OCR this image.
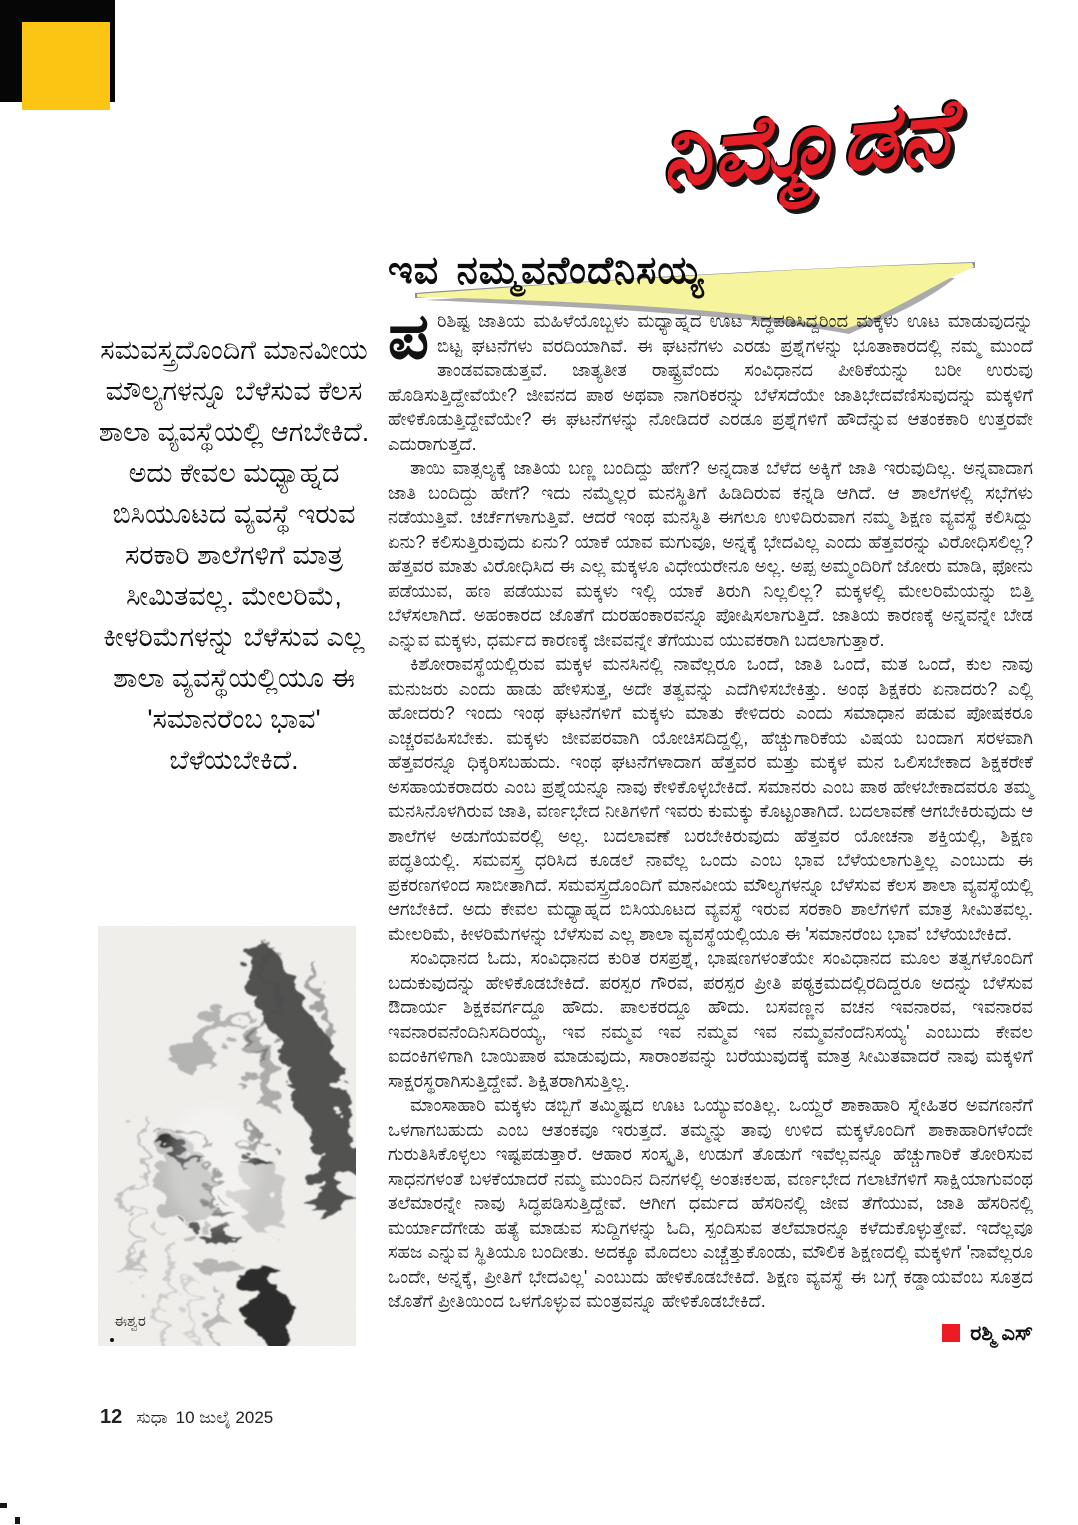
ನಿಮ್ಮೊಡನೆ
ಸಮವಸ್ತ್ರದೊಂದಿಗೆ ಮಾನವೀಯ ಮೌಲ್ಯಗಳನ್ನೂ ಬೆಳೆಸುವ ಕೆಲಸ ಶಾಲಾ ವ್ಯವಸ್ಥೆಯಲ್ಲಿ ಆಗಬೇಕಿದೆ. ಅದು ಕೇವಲ ಮಧ್ಯಾಹ್ನದ ಬಿಸಿಯೂಟದ ವ್ಯವಸ್ಥೆ ಇರುವ ಸರಕಾರಿ ಶಾಲೆಗಳಿಗೆ ಮಾತ್ರ ಸೀಮಿತವಲ್ಲ. ಮೇಲರಿಮೆ, ಕೀಳರಿಮೆಗಳನ್ನು ಬೆಳೆಸುವ ಎಲ್ಲ ಶಾಲಾ ವ್ಯವಸ್ಥೆಯಲ್ಲಿಯೂ ಈ 'ಸಮಾನರೆಂಬ ಭಾವ' ಬೆಳೆಯಬೇಕಿದೆ.
ಈಶ್ವರ
ಇವ ನಮ್ಮವನೆಂದೆನಿಸಯ್ಯ

ಪರಿಶಿಷ್ಟ ಜಾತಿಯ ಮಹಿಳೆಯೊಬ್ಬಳು ಮಧ್ಯಾಹ್ನದ ಊಟ ಸಿದ್ಧಪಡಿಸಿದ್ದರಿಂದ ಮಕ್ಕಳು ಊಟ ಮಾಡುವುದನ್ನು ಬಿಟ್ಟ ಘಟನೆಗಳು ವರದಿಯಾಗಿವೆ. ಈ ಘಟನೆಗಳು ಎರಡು ಪ್ರಶ್ನೆಗಳನ್ನು ಭೂತಾಕಾರದಲ್ಲಿ ನಮ್ಮ ಮುಂದೆ ತಾಂಡವವಾಡುತ್ತವೆ. ಜಾತ್ಯತೀತ ರಾಷ್ಟ್ರವೆಂದು ಸಂವಿಧಾನದ ಪೀಠಿಕೆಯನ್ನು ಬರೀ ಉರುವು ಹೊಡಿಸುತ್ತಿದ್ದೇವೆಯೇ? ಜೀವನದ ಪಾಠ ಅಥವಾ ನಾಗರಿಕರನ್ನು ಬೆಳೆಸದೆಯೇ ಜಾತಿಭೇದವೆಣಿಸುವುದನ್ನು ಮಕ್ಕಳಿಗೆ ಹೇಳಿಕೊಡುತ್ತಿದ್ದೇವೆಯೇ? ಈ ಘಟನೆಗಳನ್ನು ನೋಡಿದರೆ ಎರಡೂ ಪ್ರಶ್ನೆಗಳಿಗೆ ಹೌದೆನ್ನುವ ಆತಂಕಕಾರಿ ಉತ್ತರವೇ ಎದುರಾಗುತ್ತದೆ.

ತಾಯಿ ವಾತ್ಸಲ್ಯಕ್ಕೆ ಜಾತಿಯ ಬಣ್ಣ ಬಂದಿದ್ದು ಹೇಗೆ? ಅನ್ನದಾತ ಬೆಳೆದ ಅಕ್ಕಿಗೆ ಜಾತಿ ಇರುವುದಿಲ್ಲ. ಅನ್ನವಾದಾಗ ಜಾತಿ ಬಂದಿದ್ದು ಹೇಗೆ? ಇದು ನಮ್ಮೆಲ್ಲರ ಮನಸ್ಥಿತಿಗೆ ಹಿಡಿದಿರುವ ಕನ್ನಡಿ ಆಗಿದೆ. ಆ ಶಾಲೆಗಳಲ್ಲಿ ಸಭೆಗಳು ನಡೆಯುತ್ತಿವೆ. ಚರ್ಚೆಗಳಾಗುತ್ತಿವೆ. ಆದರೆ ಇಂಥ ಮನಸ್ಥಿತಿ ಈಗಲೂ ಉಳಿದಿರುವಾಗ ನಮ್ಮ ಶಿಕ್ಷಣ ವ್ಯವಸ್ಥೆ ಕಲಿಸಿದ್ದು ಏನು? ಕಲಿಸುತ್ತಿರುವುದು ಏನು? ಯಾಕೆ ಯಾವ ಮಗುವೂ, ಅನ್ನಕ್ಕೆ ಭೇದವಿಲ್ಲ ಎಂದು ಹೆತ್ತವರನ್ನು ವಿರೋಧಿಸಲಿಲ್ಲ? ಹೆತ್ತವರ ಮಾತು ವಿರೋಧಿಸಿದ ಈ ಎಲ್ಲ ಮಕ್ಕಳೂ ವಿಧೇಯರೇನೂ ಅಲ್ಲ. ಅಪ್ಪ ಅಮ್ಮಂದಿರಿಗೆ ಜೋರು ಮಾಡಿ, ಫೋನು ಪಡೆಯುವ, ಹಣ ಪಡೆಯುವ ಮಕ್ಕಳು ಇಲ್ಲಿ ಯಾಕೆ ತಿರುಗಿ ನಿಲ್ಲಲಿಲ್ಲ? ಮಕ್ಕಳಲ್ಲಿ ಮೇಲರಿಮೆಯನ್ನು ಬಿತ್ತಿ ಬೆಳೆಸಲಾಗಿದೆ. ಅಹಂಕಾರದ ಜೊತೆಗೆ ದುರಹಂಕಾರವನ್ನೂ ಪೋಷಿಸಲಾಗುತ್ತಿದೆ. ಜಾತಿಯ ಕಾರಣಕ್ಕೆ ಅನ್ನವನ್ನೇ ಬೇಡ ಎನ್ನುವ ಮಕ್ಕಳು, ಧರ್ಮದ ಕಾರಣಕ್ಕೆ ಜೀವವನ್ನೇ ತೆಗೆಯುವ ಯುವಕರಾಗಿ ಬದಲಾಗುತ್ತಾರೆ.

ಕಿಶೋರಾವಸ್ಥೆಯಲ್ಲಿರುವ ಮಕ್ಕಳ ಮನಸಿನಲ್ಲಿ ನಾವೆಲ್ಲರೂ ಒಂದೆ, ಜಾತಿ ಒಂದೆ, ಮತ ಒಂದೆ, ಕುಲ ನಾವು ಮನುಜರು ಎಂದು ಹಾಡು ಹೇಳಿಸುತ್ತ, ಅದೇ ತತ್ವವನ್ನು ಎದೆಗಿಳಿಸಬೇಕಿತ್ತು. ಅಂಥ ಶಿಕ್ಷಕರು ಏನಾದರು? ಎಲ್ಲಿ ಹೋದರು? ಇಂದು ಇಂಥ ಘಟನೆಗಳಿಗೆ ಮಕ್ಕಳು ಮಾತು ಕೇಳಿದರು ಎಂದು ಸಮಾಧಾನ ಪಡುವ ಪೋಷಕರೂ ಎಚ್ಚರವಹಿಸಬೇಕು. ಮಕ್ಕಳು ಜೀವಪರವಾಗಿ ಯೋಚಿಸದಿದ್ದಲ್ಲಿ, ಹೆಚ್ಚುಗಾರಿಕೆಯ ವಿಷಯ ಬಂದಾಗ ಸರಳವಾಗಿ ಹೆತ್ತವರನ್ನೂ ಧಿಕ್ಕರಿಸಬಹುದು. ಇಂಥ ಘಟನೆಗಳಾದಾಗ ಹೆತ್ತವರ ಮತ್ತು ಮಕ್ಕಳ ಮನ ಒಲಿಸಬೇಕಾದ ಶಿಕ್ಷಕರೇಕೆ ಅಸಹಾಯಕರಾದರು ಎಂಬ ಪ್ರಶ್ನೆಯನ್ನೂ ನಾವು ಕೇಳಿಕೊಳ್ಳಬೇಕಿದೆ. ಸಮಾನರು ಎಂಬ ಪಾಠ ಹೇಳಬೇಕಾದವರೂ ತಮ್ಮ ಮನಸಿನೊಳಗಿರುವ ಜಾತಿ, ವರ್ಣಭೇದ ನೀತಿಗಳಿಗೆ ಇವರು ಕುಮಕ್ಕು ಕೊಟ್ಟಂತಾಗಿದೆ. ಬದಲಾವಣೆ ಆಗಬೇಕಿರುವುದು ಆ ಶಾಲೆಗಳ ಅಡುಗೆಯವರಲ್ಲಿ ಅಲ್ಲ. ಬದಲಾವಣೆ ಬರಬೇಕಿರುವುದು ಹೆತ್ತವರ ಯೋಚನಾ ಶಕ್ತಿಯಲ್ಲಿ, ಶಿಕ್ಷಣ ಪದ್ಧತಿಯಲ್ಲಿ. ಸಮವಸ್ತ್ರ ಧರಿಸಿದ ಕೂಡಲೆ ನಾವೆಲ್ಲ ಒಂದು ಎಂಬ ಭಾವ ಬೆಳೆಯಲಾಗುತ್ತಿಲ್ಲ ಎಂಬುದು ಈ ಪ್ರಕರಣಗಳಿಂದ ಸಾಬೀತಾಗಿದೆ. ಸಮವಸ್ತ್ರದೊಂದಿಗೆ ಮಾನವೀಯ ಮೌಲ್ಯಗಳನ್ನೂ ಬೆಳೆಸುವ ಕೆಲಸ ಶಾಲಾ ವ್ಯವಸ್ಥೆಯಲ್ಲಿ ಆಗಬೇಕಿದೆ. ಅದು ಕೇವಲ ಮಧ್ಯಾಹ್ನದ ಬಿಸಿಯೂಟದ ವ್ಯವಸ್ಥೆ ಇರುವ ಸರಕಾರಿ ಶಾಲೆಗಳಿಗೆ ಮಾತ್ರ ಸೀಮಿತವಲ್ಲ. ಮೇಲರಿಮೆ, ಕೀಳರಿಮೆಗಳನ್ನು ಬೆಳೆಸುವ ಎಲ್ಲ ಶಾಲಾ ವ್ಯವಸ್ಥೆಯಲ್ಲಿಯೂ ಈ 'ಸಮಾನರೆಂಬ ಭಾವ' ಬೆಳೆಯಬೇಕಿದೆ.

ಸಂವಿಧಾನದ ಓದು, ಸಂವಿಧಾನದ ಕುರಿತ ರಸಪ್ರಶ್ನೆ, ಭಾಷಣಗಳಂತೆಯೇ ಸಂವಿಧಾನದ ಮೂಲ ತತ್ವಗಳೊಂದಿಗೆ ಬದುಕುವುದನ್ನು ಹೇಳಿಕೊಡಬೇಕಿದೆ. ಪರಸ್ಪರ ಗೌರವ, ಪರಸ್ಪರ ಪ್ರೀತಿ ಪಠ್ಯಕ್ರಮದಲ್ಲಿರದಿದ್ದರೂ ಅದನ್ನು ಬೆಳೆಸುವ ಔದಾರ್ಯ ಶಿಕ್ಷಕವರ್ಗದ್ದೂ ಹೌದು. ಪಾಲಕರದ್ದೂ ಹೌದು. ಬಸವಣ್ಣನ ವಚನ ಇವನಾರವ, ಇವನಾರವ ಇವನಾರವನೆಂದಿನಿಸದಿರಯ್ಯ, ಇವ ನಮ್ಮವ ಇವ ನಮ್ಮವ ಇವ ನಮ್ಮವನೆಂದೆನಿಸಯ್ಯ' ಎಂಬುದು ಕೇವಲ ಐದಂಕಿಗಳಿಗಾಗಿ ಬಾಯಿಪಾಠ ಮಾಡುವುದು, ಸಾರಾಂಶವನ್ನು ಬರೆಯುವುದಕ್ಕೆ ಮಾತ್ರ ಸೀಮಿತವಾದರೆ ನಾವು ಮಕ್ಕಳಿಗೆ ಸಾಕ್ಷರಸ್ಥರಾಗಿಸುತ್ತಿದ್ದೇವೆ. ಶಿಕ್ಷಿತರಾಗಿಸುತ್ತಿಲ್ಲ.

ಮಾಂಸಾಹಾರಿ ಮಕ್ಕಳು ಡಬ್ಬಿಗೆ ತಮ್ಮಿಷ್ಟದ ಊಟ ಒಯ್ಯುವಂತಿಲ್ಲ. ಒಯ್ದರೆ ಶಾಕಾಹಾರಿ ಸ್ನೇಹಿತರ ಅವಗಣನೆಗೆ ಒಳಗಾಗಬಹುದು ಎಂಬ ಆತಂಕವೂ ಇರುತ್ತದೆ. ತಮ್ಮನ್ನು ತಾವು ಉಳಿದ ಮಕ್ಕಳೊಂದಿಗೆ ಶಾಕಾಹಾರಿಗಳೆಂದೇ ಗುರುತಿಸಿಕೊಳ್ಳಲು ಇಷ್ಟಪಡುತ್ತಾರೆ. ಆಹಾರ ಸಂಸ್ಕೃತಿ, ಉಡುಗೆ ತೊಡುಗೆ ಇವೆಲ್ಲವನ್ನೂ ಹೆಚ್ಚುಗಾರಿಕೆ ತೋರಿಸುವ ಸಾಧನಗಳಂತೆ ಬಳಕೆಯಾದರೆ ನಮ್ಮ ಮುಂದಿನ ದಿನಗಳಲ್ಲಿ ಅಂತಃಕಲಹ, ವರ್ಣಭೇದ ಗಲಾಟೆಗಳಿಗೆ ಸಾಕ್ಷಿಯಾಗುವಂಥ ತಲೆಮಾರನ್ನೇ ನಾವು ಸಿದ್ಧಪಡಿಸುತ್ತಿದ್ದೇವೆ. ಆಗೀಗ ಧರ್ಮದ ಹೆಸರಿನಲ್ಲಿ ಜೀವ ತೆಗೆಯುವ, ಜಾತಿ ಹೆಸರಿನಲ್ಲಿ ಮರ್ಯಾದೆಗೇಡು ಹತ್ಯೆ ಮಾಡುವ ಸುದ್ದಿಗಳನ್ನು ಓದಿ, ಸ್ಪಂದಿಸುವ ತಲೆಮಾರನ್ನೂ ಕಳೆದುಕೊಳ್ಳುತ್ತೇವೆ. ಇದೆಲ್ಲವೂ ಸಹಜ ಎನ್ನುವ ಸ್ಥಿತಿಯೂ ಬಂದೀತು. ಅದಕ್ಕೂ ಮೊದಲು ಎಚ್ಚೆತ್ತುಕೊಂಡು, ಮೌಲಿಕ ಶಿಕ್ಷಣದಲ್ಲಿ ಮಕ್ಕಳಿಗೆ 'ನಾವೆಲ್ಲರೂ ಒಂದೇ, ಅನ್ನಕ್ಕೆ, ಪ್ರೀತಿಗೆ ಭೇದವಿಲ್ಲ' ಎಂಬುದು ಹೇಳಿಕೊಡಬೇಕಿದೆ. ಶಿಕ್ಷಣ ವ್ಯವಸ್ಥೆ ಈ ಬಗ್ಗೆ ಕಡ್ಡಾಯವೆಂಬ ಸೂತ್ರದ ಜೊತೆಗೆ ಪ್ರೀತಿಯಿಂದ ಒಳಗೊಳ್ಳುವ ಮಂತ್ರವನ್ನೂ ಹೇಳಿಕೊಡಬೇಕಿದೆ.

ರಶ್ಮಿ ಎಸ್
12 ಸುಧಾ 10 ಜುಲೈ 2025
